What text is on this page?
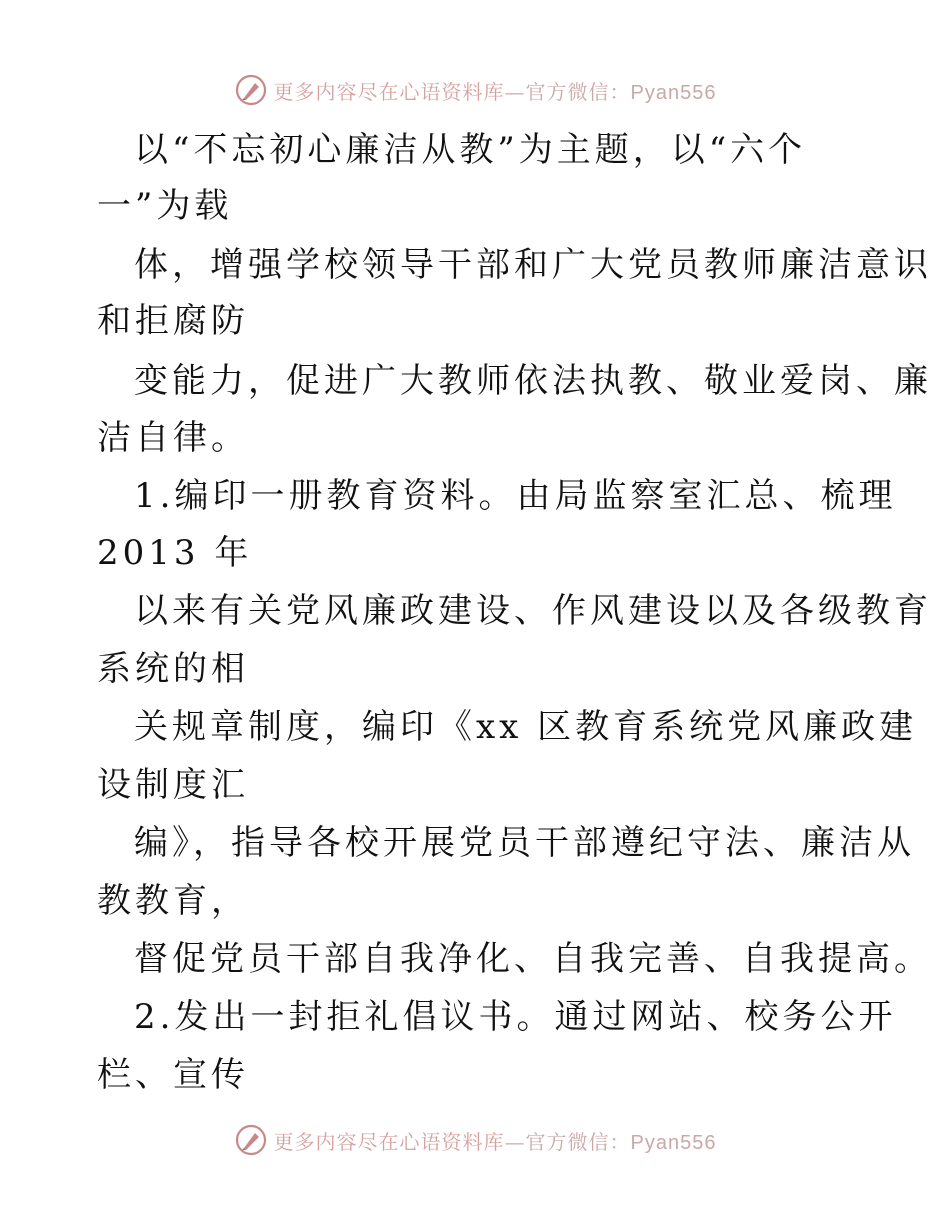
更多内容尽在心语资料库—官方微信：Pyan556
以“不忘初心廉洁从教”为主题，以“六个
一”为载
体，增强学校领导干部和广大党员教师廉洁意识
和拒腐防
变能力，促进广大教师依法执教、敬业爱岗、廉
洁自律。
1.编印一册教育资料。由局监察室汇总、梳理
2013 年
以来有关党风廉政建设、作风建设以及各级教育
系统的相
关规章制度，编印《xx 区教育系统党风廉政建
设制度汇
编》，指导各校开展党员干部遵纪守法、廉洁从
教教育，
督促党员干部自我净化、自我完善、自我提高。
2.发出一封拒礼倡议书。通过网站、校务公开
栏、宣传
更多内容尽在心语资料库—官方微信：Pyan556
